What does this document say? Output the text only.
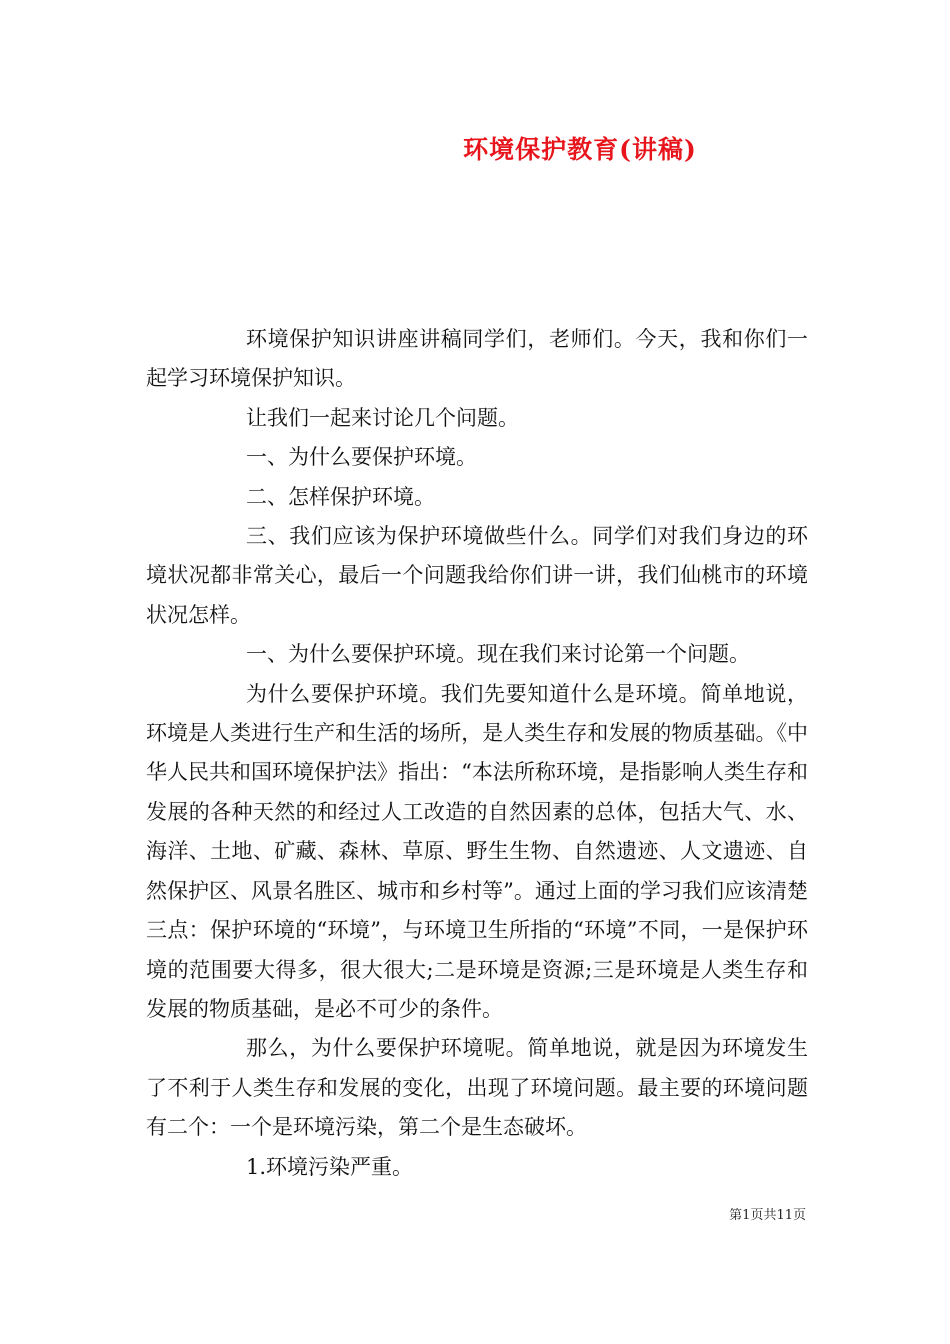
环境保护教育(讲稿)

环境保护知识讲座讲稿同学们，老师们。今天，我和你们一起学习环境保护知识。

让我们一起来讨论几个问题。

一、为什么要保护环境。

二、怎样保护环境。

三、我们应该为保护环境做些什么。同学们对我们身边的环境状况都非常关心，最后一个问题我给你们讲一讲，我们仙桃市的环境状况怎样。

一、为什么要保护环境。现在我们来讨论第一个问题。

为什么要保护环境。我们先要知道什么是环境。简单地说，环境是人类进行生产和生活的场所，是人类生存和发展的物质基础。《中华人民共和国环境保护法》指出：“本法所称环境，是指影响人类生存和发展的各种天然的和经过人工改造的自然因素的总体，包括大气、水、海洋、土地、矿藏、森林、草原、野生生物、自然遗迹、人文遗迹、自然保护区、风景名胜区、城市和乡村等”。通过上面的学习我们应该清楚三点：保护环境的“环境”，与环境卫生所指的“环境”不同，一是保护环境的范围要大得多，很大很大;二是环境是资源;三是环境是人类生存和发展的物质基础，是必不可少的条件。

那么，为什么要保护环境呢。简单地说，就是因为环境发生了不利于人类生存和发展的变化，出现了环境问题。最主要的环境问题有二个：一个是环境污染，第二个是生态破坏。

1.环境污染严重。

第1页共11页
